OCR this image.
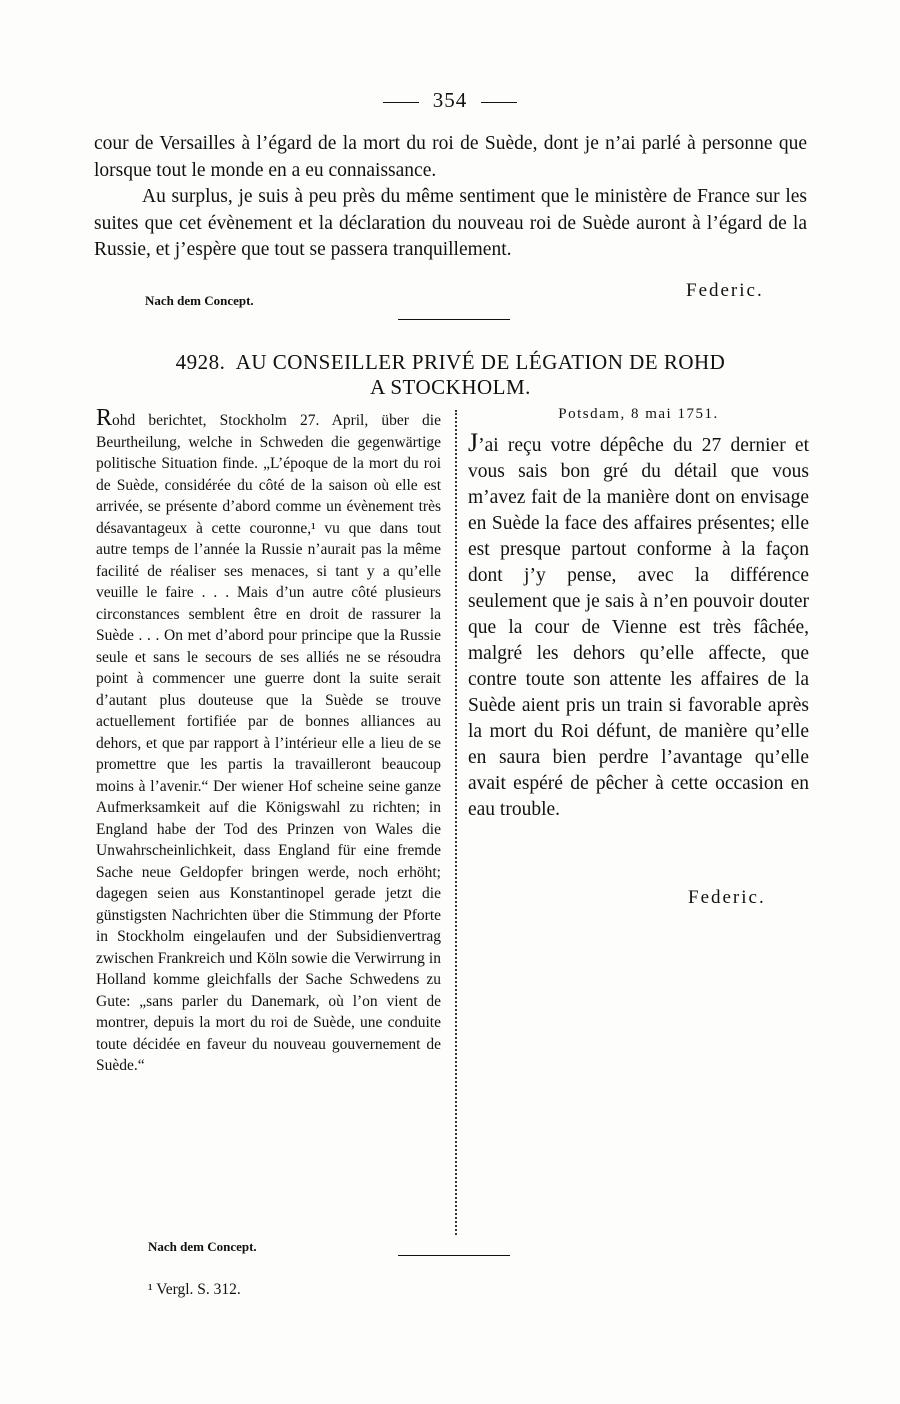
354

cour de Versailles à l’égard de la mort du roi de Suède, dont je n’ai parlé à personne que lorsque tout le monde en a eu connaissance.

Au surplus, je suis à peu près du même sentiment que le ministère de France sur les suites que cet évènement et la déclaration du nouveau roi de Suède auront à l’égard de la Russie, et j’espère que tout se passera tranquillement.

Federic.
Nach dem Concept.
4928. AU CONSEILLER PRIVÉ DE LÉGATION DE ROHD
A STOCKHOLM.
Rohd berichtet, Stockholm 27. April, über die Beurtheilung, welche in Schweden die gegenwärtige politische Situation finde. „L’époque de la mort du roi de Suède, considérée du côté de la saison où elle est arrivée, se présente d’abord comme un évènement très désavantageux à cette couronne,¹ vu que dans tout autre temps de l’année la Russie n’aurait pas la même facilité de réaliser ses menaces, si tant y a qu’elle veuille le faire . . . Mais d’un autre côté plusieurs circonstances semblent être en droit de rassurer la Suède . . . On met d’abord pour principe que la Russie seule et sans le secours de ses alliés ne se résoudra point à commencer une guerre dont la suite serait d’autant plus douteuse que la Suède se trouve actuellement fortifiée par de bonnes alliances au dehors, et que par rapport à l’intérieur elle a lieu de se promettre que les partis la travailleront beaucoup moins à l’avenir.“ Der wiener Hof scheine seine ganze Aufmerksamkeit auf die Königswahl zu richten; in England habe der Tod des Prinzen von Wales die Unwahrscheinlichkeit, dass England für eine fremde Sache neue Geldopfer bringen werde, noch erhöht; dagegen seien aus Konstantinopel gerade jetzt die günstigsten Nachrichten über die Stimmung der Pforte in Stockholm eingelaufen und der Subsidienvertrag zwischen Frankreich und Köln sowie die Verwirrung in Holland komme gleichfalls der Sache Schwedens zu Gute: „sans parler du Danemark, où l’on vient de montrer, depuis la mort du roi de Suède, une conduite toute décidée en faveur du nouveau gouvernement de Suède.“
Potsdam, 8 mai 1751.
J’ai reçu votre dépêche du 27 dernier et vous sais bon gré du détail que vous m’avez fait de la manière dont on envisage en Suède la face des affaires présentes; elle est presque partout conforme à la façon dont j’y pense, avec la différence seulement que je sais à n’en pouvoir douter que la cour de Vienne est très fâchée, malgré les dehors qu’elle affecte, que contre toute son attente les affaires de la Suède aient pris un train si favorable après la mort du Roi défunt, de manière qu’elle en saura bien perdre l’avantage qu’elle avait espéré de pêcher à cette occasion en eau trouble.
Federic.
Nach dem Concept.
¹ Vergl. S. 312.
